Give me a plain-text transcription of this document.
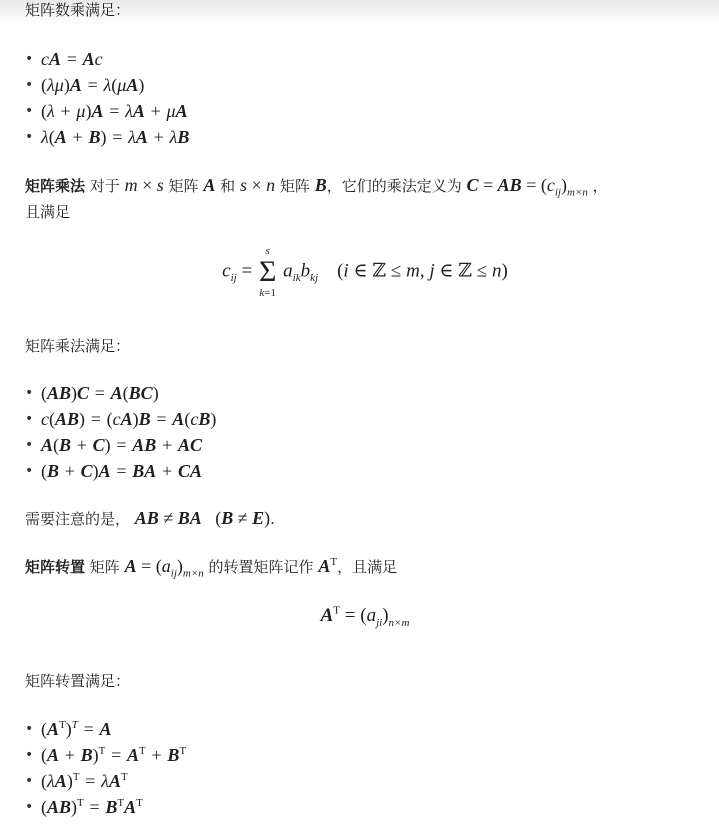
矩阵数乘满足：
• cA = Ac
• (λμ)A = λ(μA)
• (λ + μ)A = λA + μA
• λ(A + B) = λA + λB
矩阵乘法 对于 m × s 矩阵 A 和 s × n 矩阵 B，它们的乘法定义为 C = AB = $(c_{ij})_{m\times n}$ ，
且满足
$c_{ij}$ =
s
Σ
k=1
$a_{ik}b_{kj}$ (i ∈ ℤ ≤ m, j ∈ ℤ ≤ n)
矩阵乘法满足：
• (AB)C = A(BC)
• c(AB) = (cA)B = A(cB)
• A(B + C) = AB + AC
• (B + C)A = BA + CA
需要注意的是， AB ≠ BA (B ≠ E).
矩阵转置 矩阵 $A = (a_{ij})_{m\times n}$ 的转置矩阵记作 $A^T$，且满足
$A^T = (a_{ji})_{n\times m}$
矩阵转置满足：
• $(A^T)^T = A$
• $(A + B)^T = A^T + B^T$
• $(\lambda A)^T = \lambda A^T$
• $(AB)^T = B^TA^T$
